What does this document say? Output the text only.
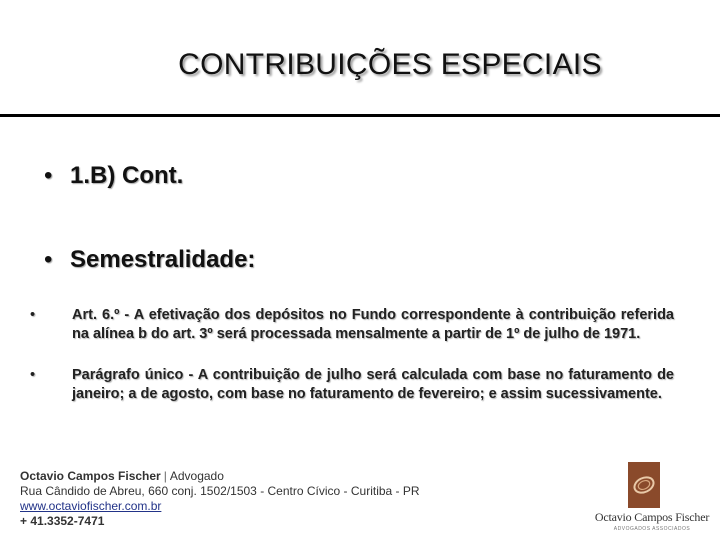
CONTRIBUIÇÕES ESPECIAIS
• 1.B) Cont.
• Semestralidade:
•	Art. 6.º - A efetivação dos depósitos no Fundo correspondente à contribuição referida na alínea b do art. 3º será processada mensalmente a partir de 1º de julho de 1971.
•	Parágrafo único - A contribuição de julho será calculada com base no faturamento de janeiro; a de agosto, com base no faturamento de fevereiro; e assim sucessivamente.
Octavio Campos Fischer | Advogado
Rua Cândido de Abreu, 660 conj. 1502/1503 - Centro Cívico - Curitiba - PR
www.octaviofischer.com.br
+ 41.3352-7471	Octavio Campos Fischer
ADVOGADOS ASSOCIADOS
